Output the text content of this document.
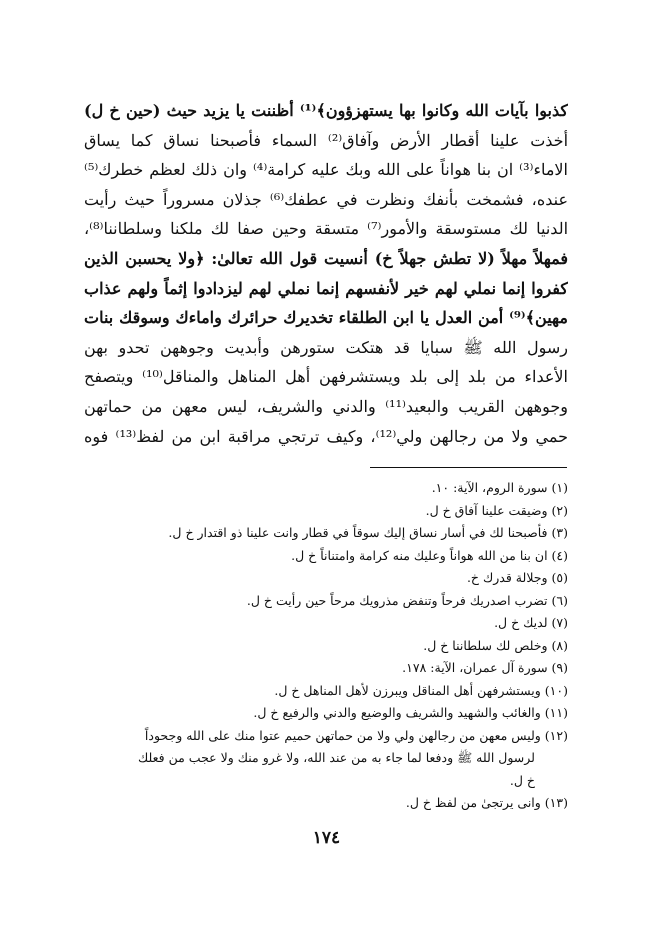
كذبوا بآيات الله وكانوا بها يستهزؤون﴾⁽¹⁾ أظننت يا يزيد حيث (حين خ ل)
أخذت علينا أقطار الأرض وآفاق⁽²⁾ السماء فأصبحنا نساق كما يساق
الاماء⁽³⁾ ان بنا هواناً على الله وبك عليه كرامة⁽⁴⁾ وان ذلك لعظم خطرك⁽⁵⁾
عنده، فشمخت بأنفك ونظرت في عطفك⁽⁶⁾ جذلان مسروراً حيث رأيت
الدنيا لك مستوسقة والأمور⁽⁷⁾ متسقة وحين صفا لك ملكنا وسلطاننا⁽⁸⁾،
فمهلاً مهلاً (لا تطش جهلاً خ) أنسيت قول الله تعالىٰ: ﴿ولا يحسبن الذين
كفروا إنما نملي لهم خير لأنفسهم إنما نملي لهم ليزدادوا إثماً ولهم عذاب
مهين﴾⁽⁹⁾ أمن العدل يا ابن الطلقاء تخديرك حرائرك واماءك وسوقك بنات
رسول الله ﷺ سبايا قد هتكت ستورهن وأبديت وجوههن تحدو بهن
الأعداء من بلد إلى بلد ويستشرفهن أهل المناهل والمناقل⁽¹⁰⁾ ويتصفح
وجوههن القريب والبعيد⁽¹¹⁾ والدني والشريف، ليس معهن من حماتهن
حمي ولا من رجالهن ولي⁽¹²⁾، وكيف ترتجي مراقبة ابن من لفظ⁽¹³⁾ فوه
(١) سورة الروم، الآية: ١٠.
(٢) وضيقت علينا آفاق خ ل.
(٣) فأصبحنا لك في أسار نساق إليك سوقاً في قطار وانت علينا ذو اقتدار خ ل.
(٤) ان بنا من الله هواناً وعليك منه كرامة وامتناناً خ ل.
(٥) وجلالة قدرك خ.
(٦) تضرب اصدريك فرحاً وتنفض مذرويك مرحاً حين رأيت خ ل.
(٧) لديك خ ل.
(٨) وخلص لك سلطاننا خ ل.
(٩) سورة آل عمران، الآية: ١٧٨.
(١٠) ويستشرفهن أهل المناقل ويبرزن لأهل المناهل خ ل.
(١١) والغائب والشهيد والشريف والوضيع والدني والرفيع خ ل.
(١٢) وليس معهن من رجالهن ولي ولا من حماتهن حميم عتوا منك على الله وجحوداً
لرسول الله ﷺ ودفعا لما جاء به من عند الله، ولا غرو منك ولا عجب من فعلك
خ ل.
(١٣) وانى يرتجىٰ من لفظ خ ل.
١٧٤
